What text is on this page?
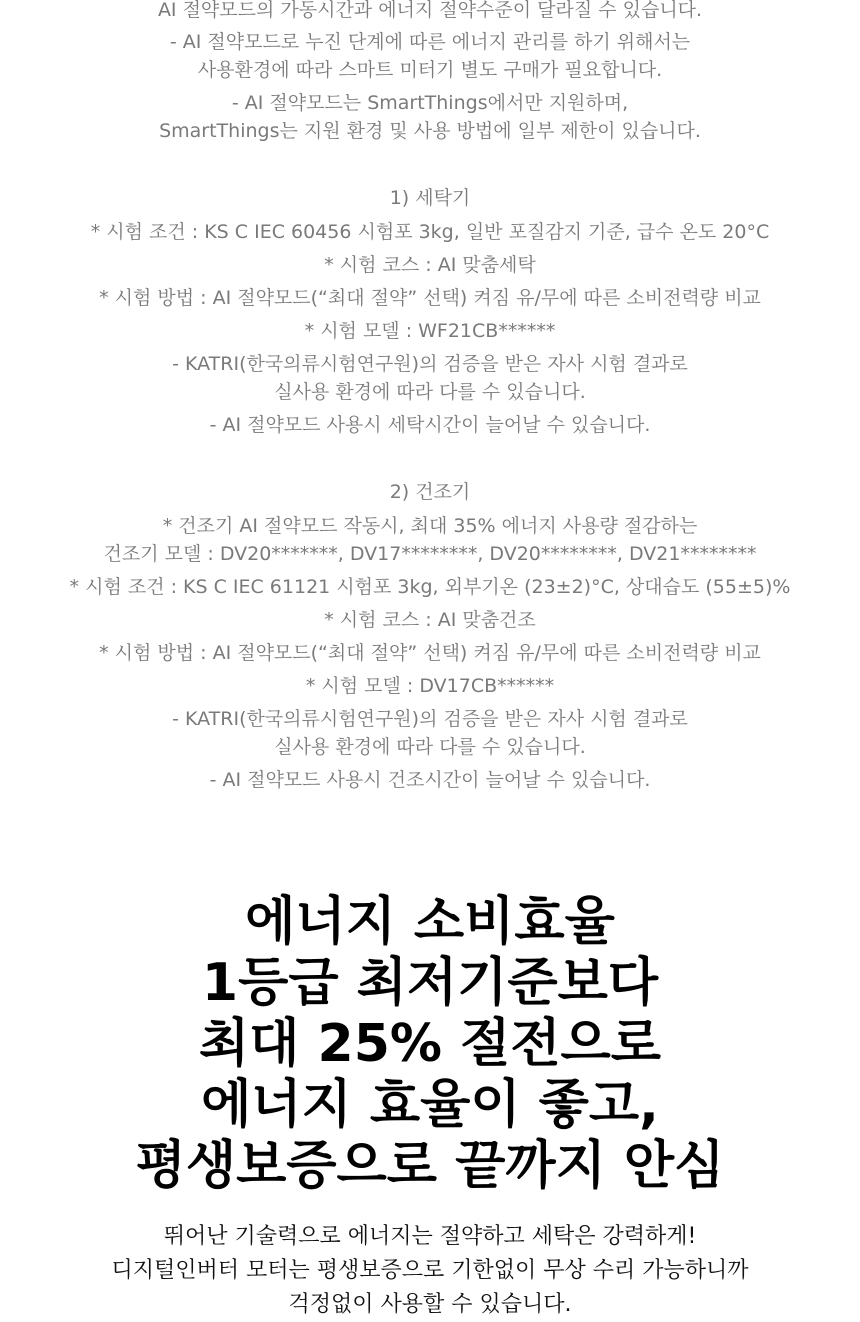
AI 절약모드의 가동시간과 에너지 절약수준이 달라질 수 있습니다.
- AI 절약모드로 누진 단계에 따른 에너지 관리를 하기 위해서는
사용환경에 따라 스마트 미터기 별도 구매가 필요합니다.
- AI 절약모드는 SmartThings에서만 지원하며,
SmartThings는 지원 환경 및 사용 방법에 일부 제한이 있습니다.
1) 세탁기
* 시험 조건 : KS C IEC 60456 시험포 3kg, 일반 포질감지 기준, 급수 온도 20°C
* 시험 코스 : AI 맞춤세탁
* 시험 방법 : AI 절약모드(“최대 절약” 선택) 켜짐 유/무에 따른 소비전력량 비교
* 시험 모델 : WF21CB******
- KATRI(한국의류시험연구원)의 검증을 받은 자사 시험 결과로
실사용 환경에 따라 다를 수 있습니다.
- AI 절약모드 사용시 세탁시간이 늘어날 수 있습니다.
2) 건조기
* 건조기 AI 절약모드 작동시, 최대 35% 에너지 사용량 절감하는
건조기 모델 : DV20*******, DV17********, DV20********, DV21********
* 시험 조건 : KS C IEC 61121 시험포 3kg, 외부기온 (23±2)°C, 상대습도 (55±5)%
* 시험 코스 : AI 맞춤건조
* 시험 방법 : AI 절약모드(“최대 절약” 선택) 켜짐 유/무에 따른 소비전력량 비교
* 시험 모델 : DV17CB******
- KATRI(한국의류시험연구원)의 검증을 받은 자사 시험 결과로
실사용 환경에 따라 다를 수 있습니다.
- AI 절약모드 사용시 건조시간이 늘어날 수 있습니다.
에너지 소비효율
1등급 최저기준보다
최대 25% 절전으로
에너지 효율이 좋고,
평생보증으로 끝까지 안심
뛰어난 기술력으로 에너지는 절약하고 세탁은 강력하게!
디지털인버터 모터는 평생보증으로 기한없이 무상 수리 가능하니까
걱정없이 사용할 수 있습니다.
